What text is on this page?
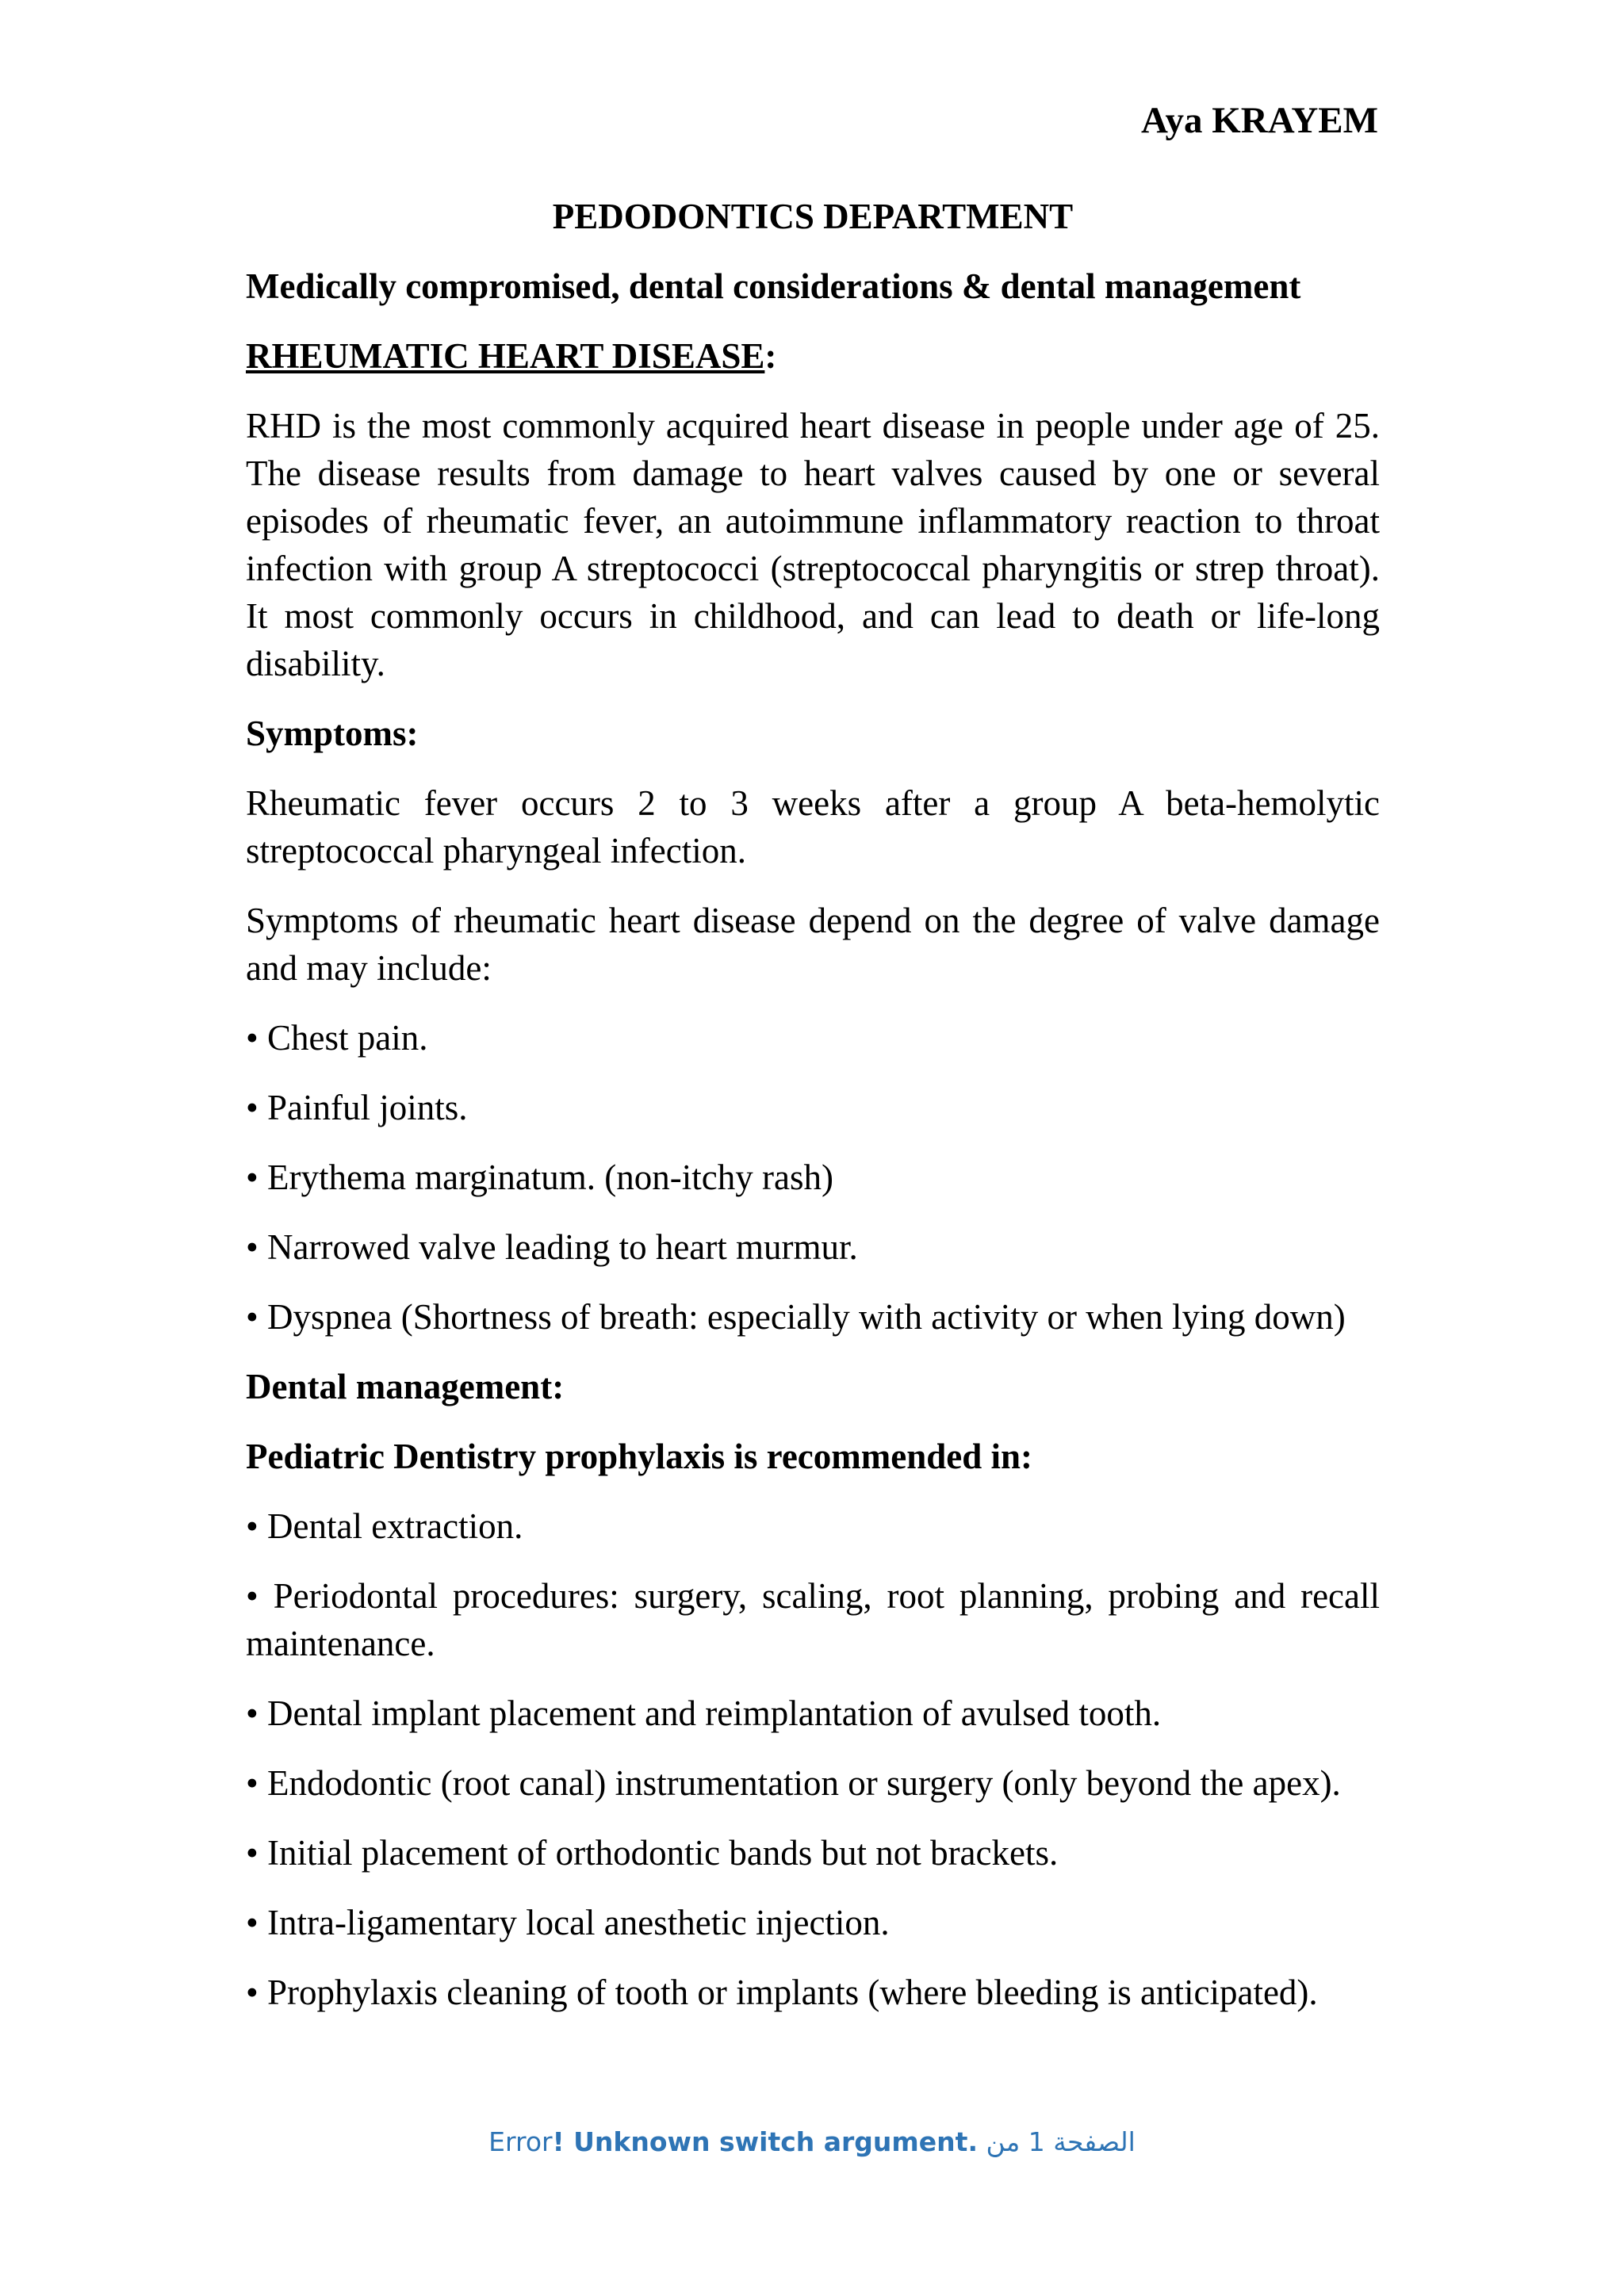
Aya KRAYEM
PEDODONTICS DEPARTMENT
Medically compromised, dental considerations & dental management
RHEUMATIC HEART DISEASE:

RHD is the most commonly acquired heart disease in people under age of 25. The disease results from damage to heart valves caused by one or several episodes of rheumatic fever, an autoimmune inflammatory reaction to throat infection with group A streptococci (streptococcal pharyngitis or strep throat). It most commonly occurs in childhood, and can lead to death or life-long disability.

Symptoms:

Rheumatic fever occurs 2 to 3 weeks after a group A beta-hemolytic streptococcal pharyngeal infection.

Symptoms of rheumatic heart disease depend on the degree of valve damage and may include:

• Chest pain.

• Painful joints.

• Erythema marginatum. (non-itchy rash)

• Narrowed valve leading to heart murmur.

• Dyspnea (Shortness of breath: especially with activity or when lying down)

Dental management:
Pediatric Dentistry prophylaxis is recommended in:

• Dental extraction.

• Periodontal procedures: surgery, scaling, root planning, probing and recall maintenance.

• Dental implant placement and reimplantation of avulsed tooth.

• Endodontic (root canal) instrumentation or surgery (only beyond the apex).

• Initial placement of orthodontic bands but not brackets.

• Intra-ligamentary local anesthetic injection.

• Prophylaxis cleaning of tooth or implants (where bleeding is anticipated).

Error! Unknown switch argument. الصفحة 1 من
